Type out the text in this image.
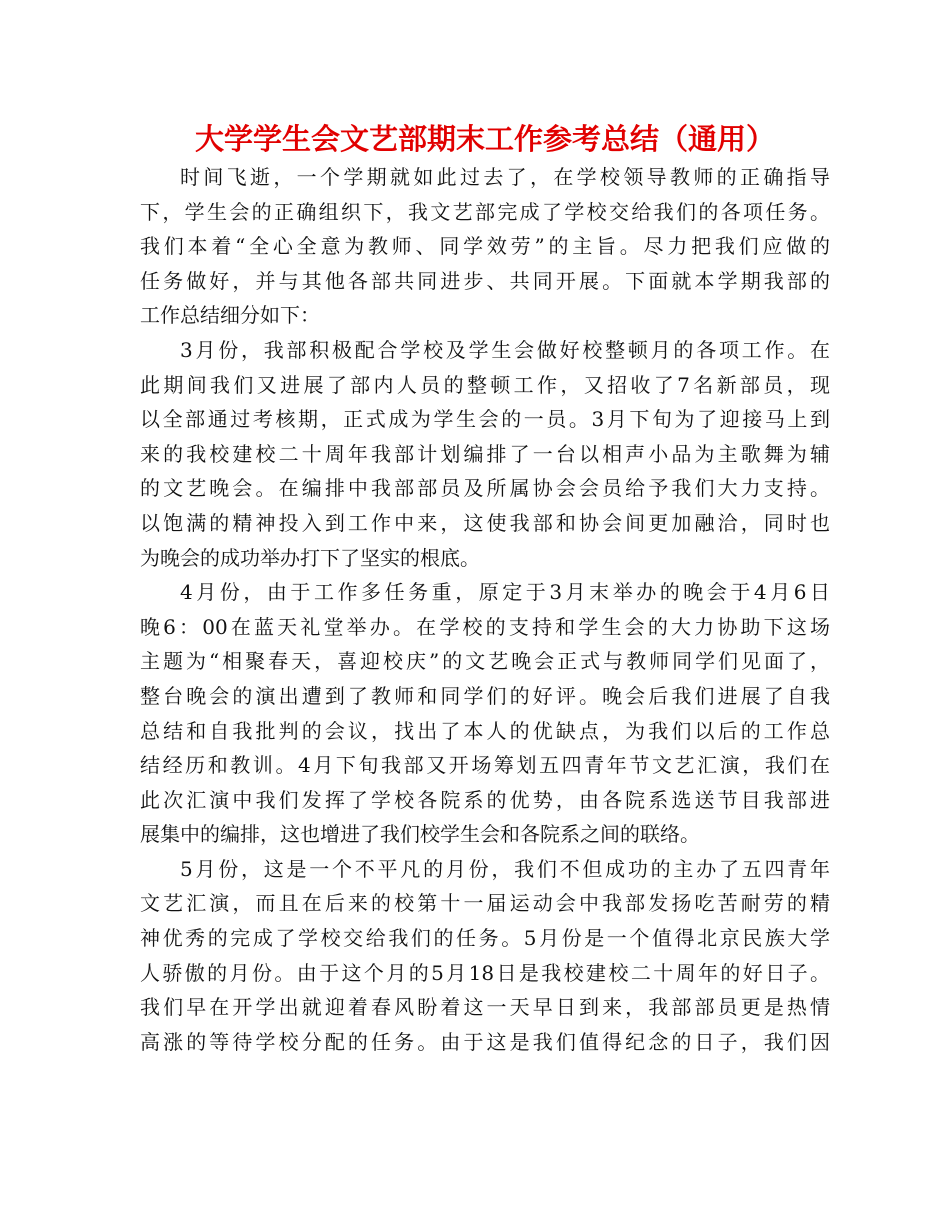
大学学生会文艺部期末工作参考总结（通用）
时间飞逝，一个学期就如此过去了，在学校领导教师的正确指导
下，学生会的正确组织下，我文艺部完成了学校交给我们的各项任务。
我们本着“全心全意为教师、同学效劳”的主旨。尽力把我们应做的
任务做好，并与其他各部共同进步、共同开展。下面就本学期我部的
工作总结细分如下：
3月份，我部积极配合学校及学生会做好校整顿月的各项工作。在
此期间我们又进展了部内人员的整顿工作，又招收了7名新部员，现
以全部通过考核期，正式成为学生会的一员。3月下旬为了迎接马上到
来的我校建校二十周年我部计划编排了一台以相声小品为主歌舞为辅
的文艺晚会。在编排中我部部员及所属协会会员给予我们大力支持。
以饱满的精神投入到工作中来，这使我部和协会间更加融洽，同时也
为晚会的成功举办打下了坚实的根底。
4月份，由于工作多任务重，原定于3月末举办的晚会于4月6日
晚6：00在蓝天礼堂举办。在学校的支持和学生会的大力协助下这场
主题为“相聚春天，喜迎校庆”的文艺晚会正式与教师同学们见面了，
整台晚会的演出遭到了教师和同学们的好评。晚会后我们进展了自我
总结和自我批判的会议，找出了本人的优缺点，为我们以后的工作总
结经历和教训。4月下旬我部又开场筹划五四青年节文艺汇演，我们在
此次汇演中我们发挥了学校各院系的优势，由各院系选送节目我部进
展集中的编排，这也增进了我们校学生会和各院系之间的联络。
5月份，这是一个不平凡的月份，我们不但成功的主办了五四青年
文艺汇演，而且在后来的校第十一届运动会中我部发扬吃苦耐劳的精
神优秀的完成了学校交给我们的任务。5月份是一个值得北京民族大学
人骄傲的月份。由于这个月的5月18日是我校建校二十周年的好日子。
我们早在开学出就迎着春风盼着这一天早日到来，我部部员更是热情
高涨的等待学校分配的任务。由于这是我们值得纪念的日子，我们因
